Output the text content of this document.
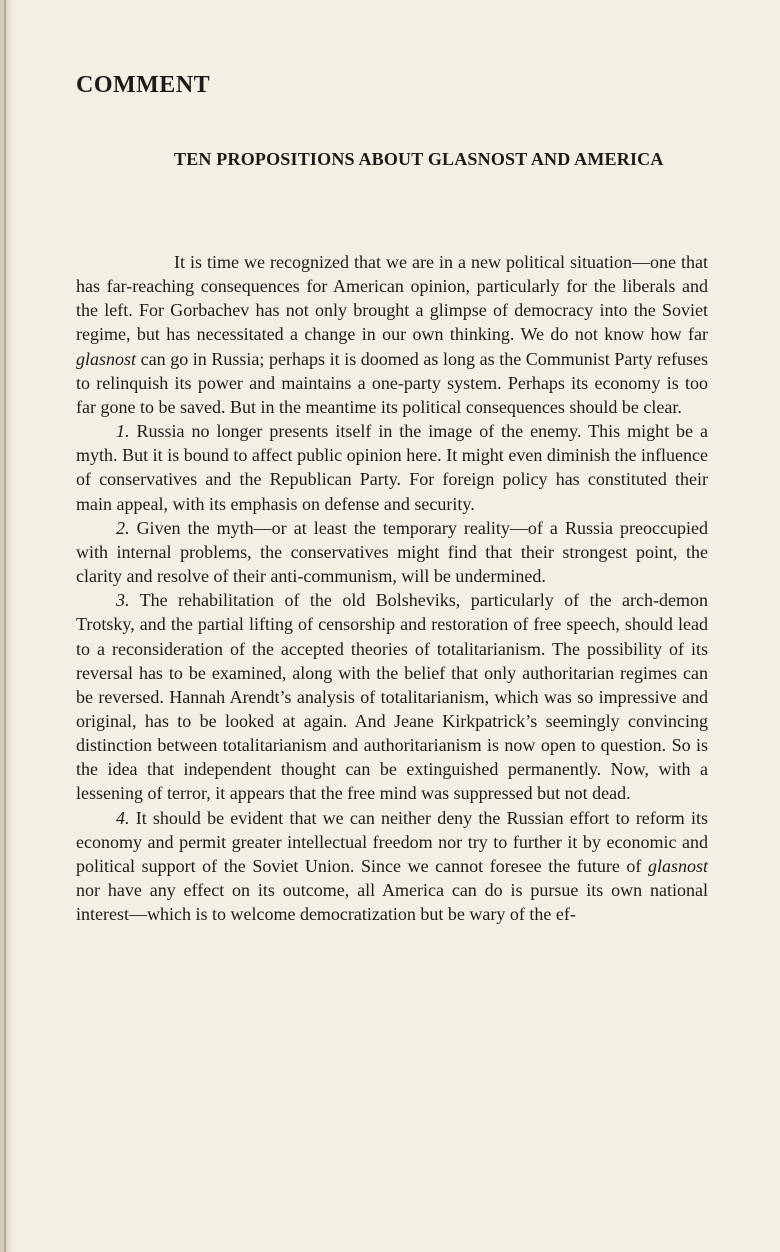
COMMENT
TEN PROPOSITIONS ABOUT GLASNOST AND AMERICA

It is time we recognized that we are in a new political situation—one that has far-reaching consequences for American opinion, particularly for the liberals and the left. For Gorbachev has not only brought a glimpse of democracy into the Soviet regime, but has necessitated a change in our own thinking. We do not know how far glasnost can go in Russia; perhaps it is doomed as long as the Communist Party refuses to relinquish its power and maintains a one-party system. Perhaps its economy is too far gone to be saved. But in the meantime its political consequences should be clear.

1. Russia no longer presents itself in the image of the enemy. This might be a myth. But it is bound to affect public opinion here. It might even diminish the influence of conservatives and the Republican Party. For foreign policy has constituted their main appeal, with its emphasis on defense and security.

2. Given the myth—or at least the temporary reality—of a Russia preoccupied with internal problems, the conservatives might find that their strongest point, the clarity and resolve of their anti-communism, will be undermined.

3. The rehabilitation of the old Bolsheviks, particularly of the arch-demon Trotsky, and the partial lifting of censorship and restoration of free speech, should lead to a reconsideration of the accepted theories of totalitarianism. The possibility of its reversal has to be examined, along with the belief that only authoritarian regimes can be reversed. Hannah Arendt’s analysis of totalitarianism, which was so impressive and original, has to be looked at again. And Jeane Kirkpatrick’s seemingly convincing distinction between totalitarianism and authoritarianism is now open to question. So is the idea that independent thought can be extinguished permanently. Now, with a lessening of terror, it appears that the free mind was suppressed but not dead.

4. It should be evident that we can neither deny the Russian effort to reform its economy and permit greater intellectual freedom nor try to further it by economic and political support of the Soviet Union. Since we cannot foresee the future of glasnost nor have any effect on its outcome, all America can do is pursue its own national interest—which is to welcome democratization but be wary of the ef-
